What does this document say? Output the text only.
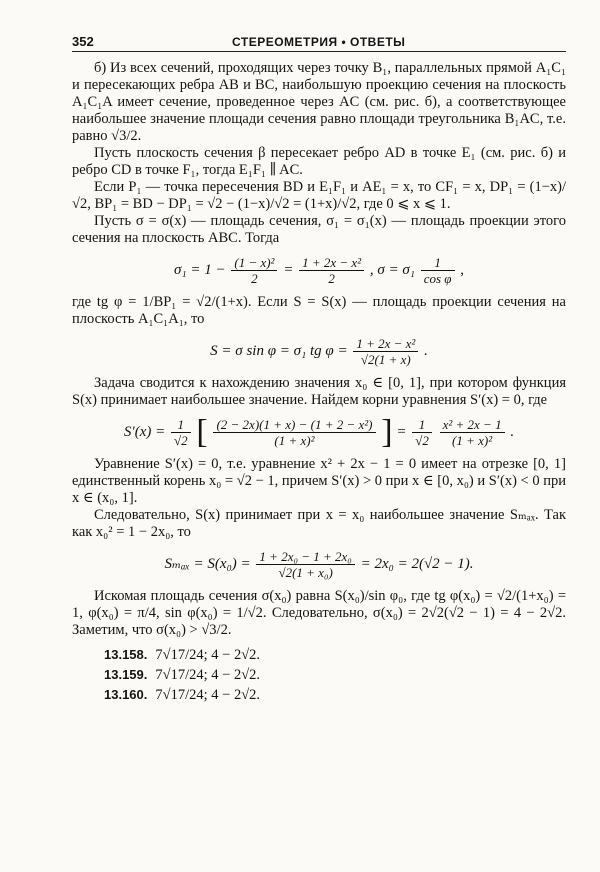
352	СТЕРЕОМЕТРИЯ • ОТВЕТЫ

б) Из всех сечений, проходящих через точку B₁, параллельных прямой A₁C₁ и пересекающих ребра AB и BC, наибольшую проекцию сечения на плоскость A₁C₁A имеет сечение, проведенное через AC (см. рис. б), а соответствующее наибольшее значение площади сечения равно площади треугольника B₁AC, т.е. равно √3/2.

Пусть плоскость сечения β пересекает ребро AD в точке E₁ (см. рис. б) и ребро CD в точке F₁, тогда E₁F₁ ∥ AC.

Если P₁ — точка пересечения BD и E₁F₁ и AE₁ = x, то CF₁ = x, DP₁ = (1−x)/√2, BP₁ = BD − DP₁ = √2 − (1−x)/√2 = (1+x)/√2, где 0 ⩽ x ⩽ 1.

Пусть σ = σ(x) — площадь сечения, σ₁ = σ₁(x) — площадь проекции этого сечения на плоскость ABC. Тогда

$\sigma_1 = 1 - \frac{\text{(1 − x)²}}{2} = \frac{\text{1 + 2x − x²}}{2}$ , $\sigma = \sigma_1 \frac{1}{\text{cos φ}}$ ,

где tg φ = 1/BP₁ = √2/(1+x). Если S = S(x) — площадь проекции сечения на плоскость A₁C₁A₁, то

S = σ sin φ = σ₁ tg $\varphi = \frac{\text{1 + 2x − x²}}{√2(1 + x)}$ .

Задача сводится к нахождению значения x₀ ∈ [0, 1], при котором функция S(x) принимает наибольшее значение. Найдем корни уравнения S′(x) = 0, где

$S'(x) = \frac{1}{√2}$ [ $\frac{\text{(2 − 2x)(1 + x) − (1 + 2 − x²)}}{\text{(1 + x)²}}$ ] = $\frac{1}{√2}$
$\frac{\text{x² + 2x − 1}}{\text{(1 + x)²}}$ .

Уравнение S′(x) = 0, т.е. уравнение x² + 2x − 1 = 0 имеет на отрезке [0, 1] единственный корень x₀ = √2 − 1, причем S′(x) > 0 при x ∈ [0, x₀) и S′(x) < 0 при x ∈ (x₀, 1].

Следовательно, S(x) принимает при x = x₀ наибольшее значение Sₘₐₓ. Так как x₀² = 1 − 2x₀, то

$S_{max} = S(x_0) = \frac{\text{1 + 2x₀ − 1 + 2x₀}}{\text{√2(1 + x₀)}} = 2x_0 = 2(√2 - 1)$.

Искомая площадь сечения σ(x₀) равна S(x₀)/sin φ₀, где tg φ(x₀) = √2/(1+x₀) = 1, φ(x₀) = π/4, sin φ(x₀) = 1/√2. Следовательно, σ(x₀) = 2√2(√2 − 1) = 4 − 2√2. Заметим, что σ(x₀) > √3/2.

13.158. 7√17/24; 4 − 2√2.
13.159. 7√17/24; 4 − 2√2.
13.160. 7√17/24; 4 − 2√2.
